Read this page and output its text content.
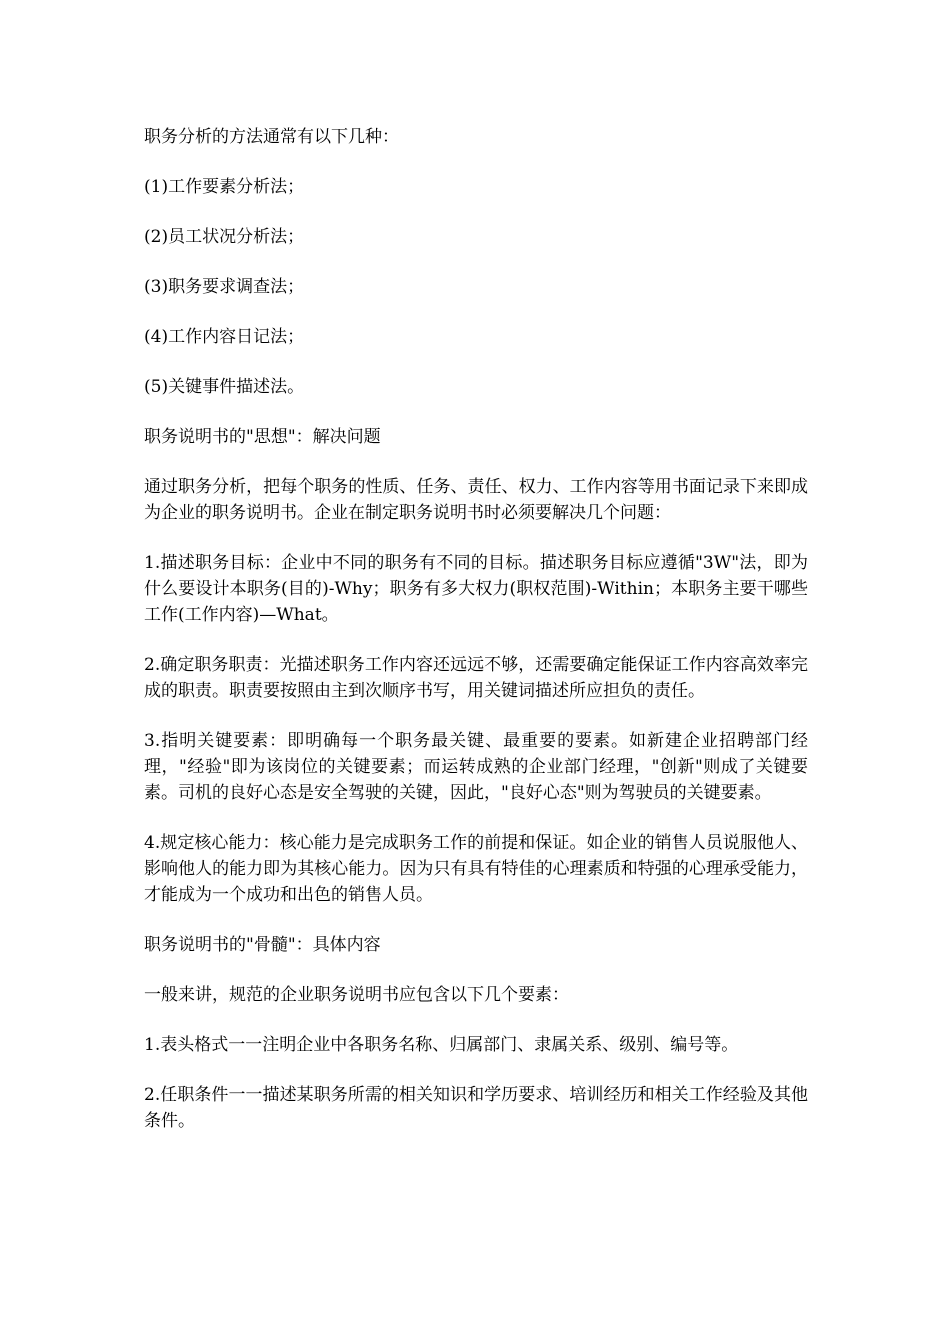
职务分析的方法通常有以下几种：

(1)工作要素分析法；

(2)员工状况分析法；

(3)职务要求调查法；

(4)工作内容日记法；

(5)关键事件描述法。

职务说明书的"思想"：解决问题

通过职务分析，把每个职务的性质、任务、责任、权力、工作内容等用书面记录下来即成为企业的职务说明书。企业在制定职务说明书时必须要解决几个问题：

1.描述职务目标：企业中不同的职务有不同的目标。描述职务目标应遵循"3W"法，即为什么要设计本职务(目的)-Why；职务有多大权力(职权范围)-Within；本职务主要干哪些工作(工作内容)—What。

2.确定职务职责：光描述职务工作内容还远远不够，还需要确定能保证工作内容高效率完成的职责。职责要按照由主到次顺序书写，用关键词描述所应担负的责任。

3.指明关键要素：即明确每一个职务最关键、最重要的要素。如新建企业招聘部门经理，"经验"即为该岗位的关键要素；而运转成熟的企业部门经理，"创新"则成了关键要素。司机的良好心态是安全驾驶的关键，因此，"良好心态"则为驾驶员的关键要素。

4.规定核心能力：核心能力是完成职务工作的前提和保证。如企业的销售人员说服他人、影响他人的能力即为其核心能力。因为只有具有特佳的心理素质和特强的心理承受能力，才能成为一个成功和出色的销售人员。

职务说明书的"骨髓"：具体内容

一般来讲，规范的企业职务说明书应包含以下几个要素：

1.表头格式一一注明企业中各职务名称、归属部门、隶属关系、级别、编号等。

2.任职条件一一描述某职务所需的相关知识和学历要求、培训经历和相关工作经验及其他条件。
